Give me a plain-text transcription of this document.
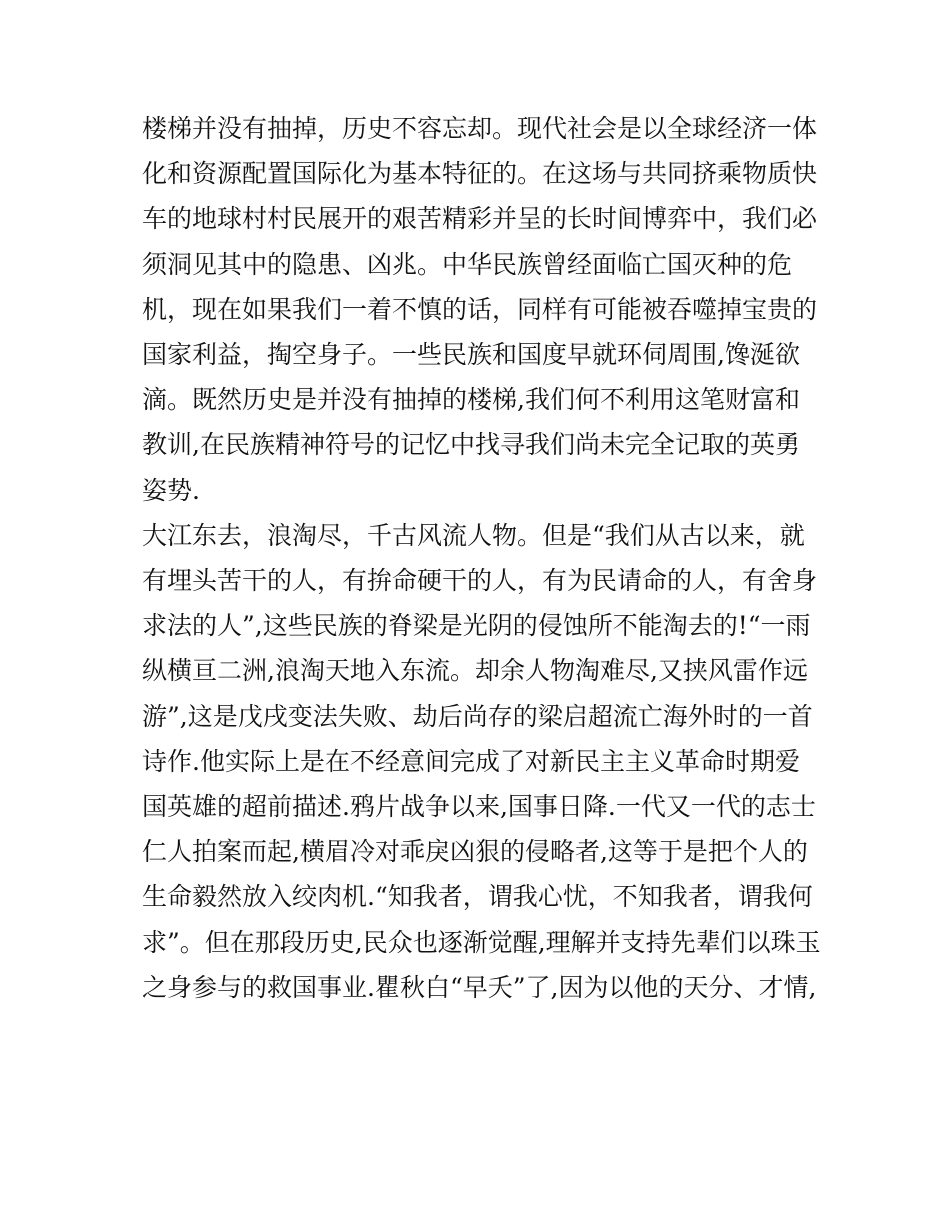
楼梯并没有抽掉，历史不容忘却。现代社会是以全球经济一体
化和资源配置国际化为基本特征的。在这场与共同挤乘物质快
车的地球村村民展开的艰苦精彩并呈的长时间博弈中，我们必
须洞见其中的隐患、凶兆。中华民族曾经面临亡国灭种的危
机，现在如果我们一着不慎的话，同样有可能被吞噬掉宝贵的
国家利益，掏空身子。一些民族和国度早就环伺周围,馋涎欲
滴。既然历史是并没有抽掉的楼梯,我们何不利用这笔财富和
教训,在民族精神符号的记忆中找寻我们尚未完全记取的英勇
姿势.
大江东去，浪淘尽，千古风流人物。但是“我们从古以来，就
有埋头苦干的人，有拚命硬干的人，有为民请命的人，有舍身
求法的人”,这些民族的脊梁是光阴的侵蚀所不能淘去的!“一雨
纵横亘二洲,浪淘天地入东流。却余人物淘难尽,又挟风雷作远
游”,这是戊戌变法失败、劫后尚存的梁启超流亡海外时的一首
诗作.他实际上是在不经意间完成了对新民主主义革命时期爱
国英雄的超前描述.鸦片战争以来,国事日降.一代又一代的志士
仁人拍案而起,横眉冷对乖戾凶狠的侵略者,这等于是把个人的
生命毅然放入绞肉机.“知我者，谓我心忧，不知我者，谓我何
求”。但在那段历史,民众也逐渐觉醒,理解并支持先辈们以珠玉
之身参与的救国事业.瞿秋白“早夭”了,因为以他的天分、才情,
